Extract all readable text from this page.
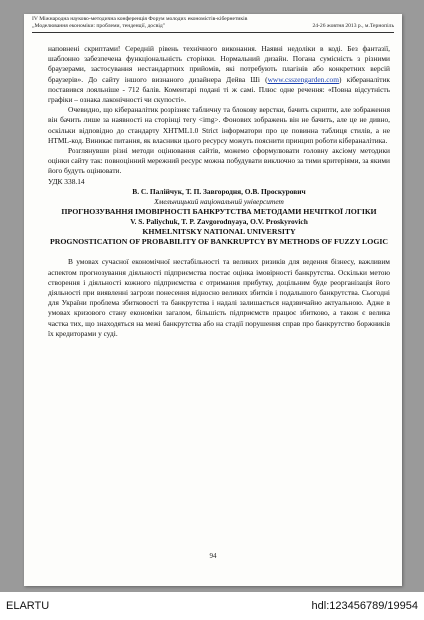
IV Міжнародна науково-методична конференція Форум молодих економістів-кібернетиків
„Моделювання економіки: проблеми, тенденції, досвід"	24-26 жовтня 2013 р., м.Тернопіль

наповнені скриптами! Середній рівень технічного виконання. Наявні недоліки в коді. Без фантазії, шаблонно забезпечена функціональність сторінки. Нормальний дизайн. Погана сумісність з різними браузерами, застосування нестандартних прийомів, які потребують плагінів або конкретних версій браузерів». До сайту іншого визнаного дизайнера Дейва Ші (www.csszengarden.com) кібераналітик поставився лояльніше - 712 балів. Коментарі подані ті ж самі. Плюс одне речення: «Повна відсутність графіки – ознака лаконічності чи скупості».

Очевидно, що кібераналітик розрізняє табличну та блокову верстки, бачить скрипти, але зображення він бачить лише за наявності на сторінці тегу <img>. Фонових зображень він не бачить, але це не дивно, оскільки відповідно до стандарту XHTML1.0 Strict інформатори про це повинна таблиця стилів, а не HTML-код. Виникає питання, як власники цього ресурсу можуть пояснити принцип роботи кібераналітика.

Розглянувши різні методи оцінювання сайтів, можемо сформулювати головну аксіому методики оцінки сайту так: повноцінний мережний ресурс можна побудувати виключно за тими критеріями, за якими його будуть оцінювати.

УДК 338.14

В. С. Палійчук, Т. П. Завгородня, О.В. Проскурович

Хмельницький національний університет

ПРОГНОЗУВАННЯ ІМОВІРНОСТІ БАНКРУТСТВА МЕТОДАМИ НЕЧІТКОЇ ЛОГІКИ

V. S. Paliychuk, T. P. Zavgorodnyaya, O.V. Proskyrovich

KHMELNITSKY NATIONAL UNIVERSITY

PROGNOSTICATION OF PROBABILITY OF BANKRUPTCY BY METHODS OF FUZZY LOGIC

В умовах сучасної економічної нестабільності та великих ризиків для ведення бізнесу, важливим аспектом прогнозування діяльності підприємства постає оцінка імовірності банкрутства. Оскільки метою створення і діяльності кожного підприємства є отримання прибутку, доцільним буде реорганізація його діяльності при виявленні загрози понесення відносно великих збитків і подальшого банкрутства. Сьогодні для України проблема збитковості та банкрутства і надалі залишається надзвичайно актуальною. Адже в умовах кризового стану економіки загалом, більшість підприємств працює збитково, а також є велика частка тих, що знаходяться на межі банкрутства або на стадії порушення справ про банкрутство боржників їх кредиторами у суді.

94
ELARTU	hdl:123456789/19954
